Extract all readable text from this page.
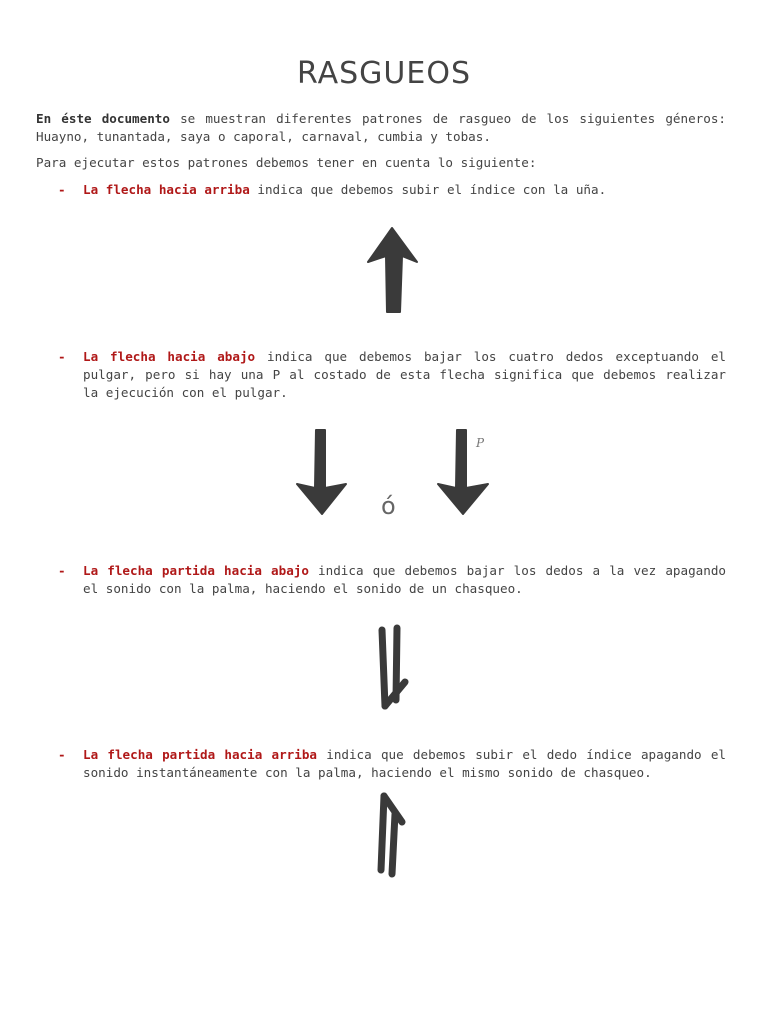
RASGUEOS

En éste documento se muestran diferentes patrones de rasgueo de los siguientes géneros: Huayno, tunantada, saya o caporal, carnaval, cumbia y tobas.

Para ejecutar estos patrones debemos tener en cuenta lo siguiente:

- La flecha hacia arriba indica que debemos subir el índice con la uña.

- La flecha hacia abajo indica que debemos bajar los cuatro dedos exceptuando el pulgar, pero si hay una P al costado de esta flecha significa que debemos realizar la ejecución con el pulgar.

- La flecha partida hacia abajo indica que debemos bajar los dedos a la vez apagando el sonido con la palma, haciendo el sonido de un chasqueo.

- La flecha partida hacia arriba indica que debemos subir el dedo índice apagando el sonido instantáneamente con la palma, haciendo el mismo sonido de chasqueo.

ó
P
